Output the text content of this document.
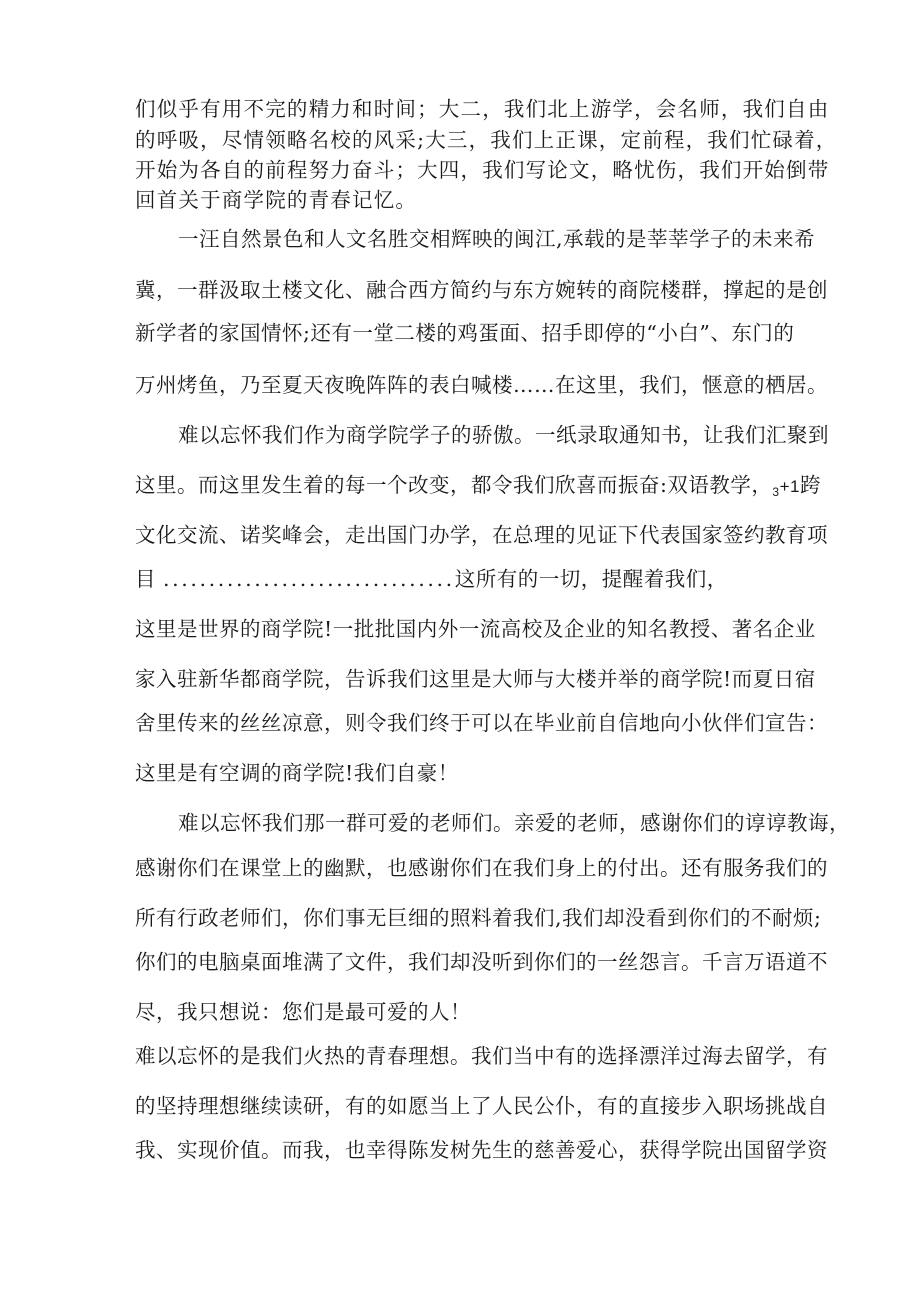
们似乎有用不完的精力和时间；大二，我们北上游学，会名师，我们自由
的呼吸，尽情领略名校的风采;大三，我们上正课，定前程，我们忙碌着，
开始为各自的前程努力奋斗；大四，我们写论文，略忧伤，我们开始倒带
回首关于商学院的青春记忆。
一汪自然景色和人文名胜交相辉映的闽江,承载的是莘莘学子的未来希
冀，一群汲取土楼文化、融合西方简约与东方婉转的商院楼群，撑起的是创
新学者的家国情怀;还有一堂二楼的鸡蛋面、招手即停的“小白”、东门的
万州烤鱼，乃至夏天夜晚阵阵的表白喊楼……在这里，我们，惬意的栖居。
难以忘怀我们作为商学院学子的骄傲。一纸录取通知书，让我们汇聚到
这里。而这里发生着的每一个改变，都令我们欣喜而振奋:双语教学，$_3$+1跨
文化交流、诺奖峰会，走出国门办学，在总理的见证下代表国家签约教育项
目 ................................这所有的一切，提醒着我们，
这里是世界的商学院!一批批国内外一流高校及企业的知名教授、著名企业
家入驻新华都商学院，告诉我们这里是大师与大楼并举的商学院!而夏日宿
舍里传来的丝丝凉意，则令我们终于可以在毕业前自信地向小伙伴们宣告：
这里是有空调的商学院!我们自豪！
难以忘怀我们那一群可爱的老师们。亲爱的老师，感谢你们的谆谆教诲，
感谢你们在课堂上的幽默，也感谢你们在我们身上的付出。还有服务我们的
所有行政老师们，你们事无巨细的照料着我们,我们却没看到你们的不耐烦;
你们的电脑桌面堆满了文件，我们却没听到你们的一丝怨言。千言万语道不
尽，我只想说：您们是最可爱的人！
难以忘怀的是我们火热的青春理想。我们当中有的选择漂洋过海去留学，有
的坚持理想继续读研，有的如愿当上了人民公仆，有的直接步入职场挑战自
我、实现价值。而我，也幸得陈发树先生的慈善爱心，获得学院出国留学资
